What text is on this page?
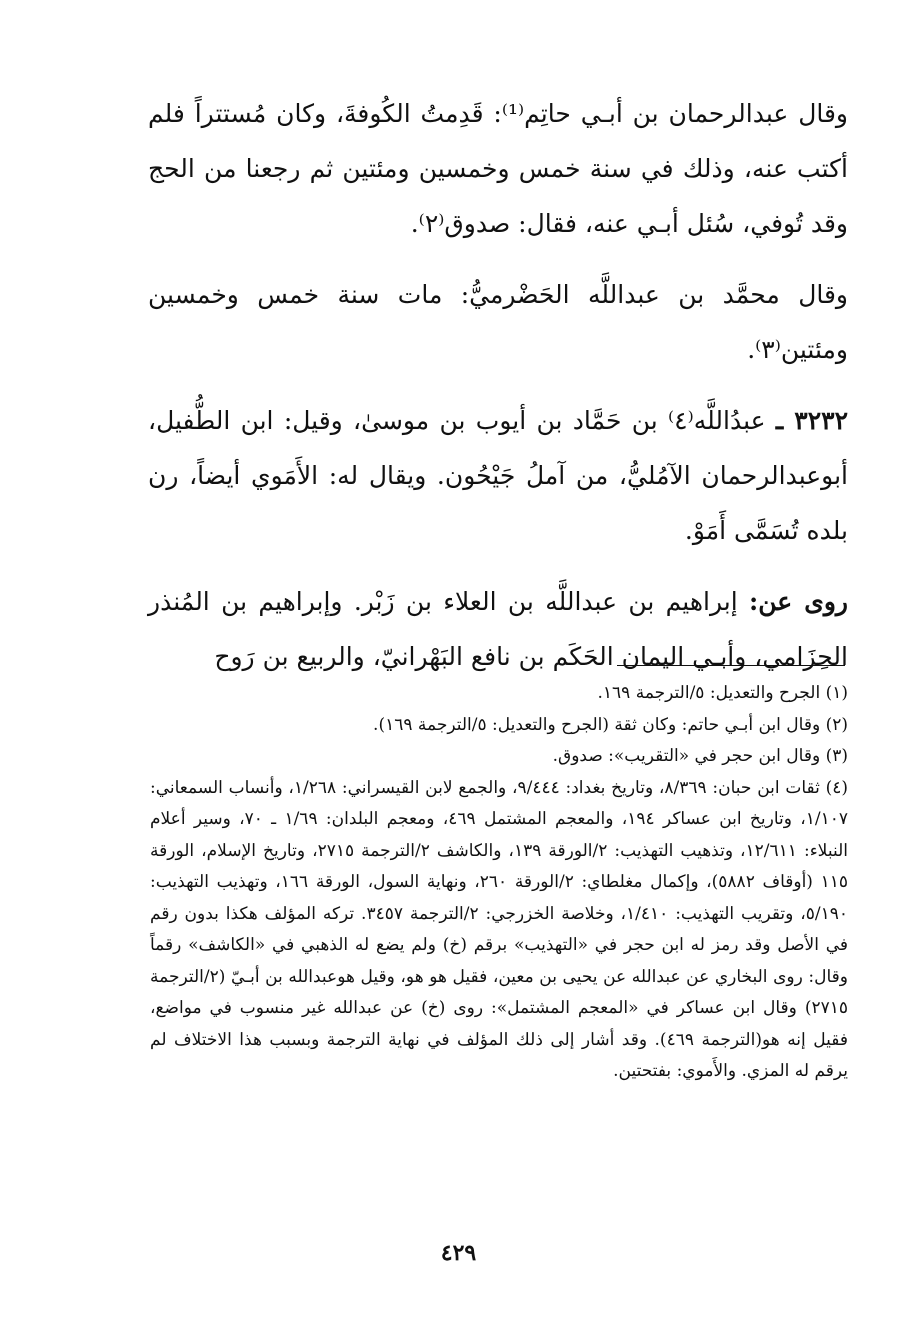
وقال عبدالرحمان بن أبـي حاتِم⁽¹⁾: قَدِمتُ الكُوفةَ، وكان مُستتراً فلم أكتب عنه، وذلك في سنة خمس وخمسين ومئتين ثم رجعنا من الحج وقد تُوفي، سُئل أبـي عنه، فقال: صدوق⁽٢⁾.

وقال محمَّد بن عبداللَّه الحَضْرميُّ: مات سنة خمس وخمسين ومئتين⁽٣⁾.

٣٢٣٢ ـ عبدُاللَّه⁽٤⁾ بن حَمَّاد بن أيوب بن موسىٰ، وقيل: ابن الطُّفيل، أبوعبدالرحمان الآمُليُّ، من آملُ جَيْحُون. ويقال له: الأَمَوي أيضاً، رن بلده تُسَمَّى أَمَوْ.

روى عن: إبراهيم بن عبداللَّه بن العلاء بن زَبْر. وإبراهيم بن المُنذر الحِزَامي، وأبـي اليمان الحَكَم بن نافع البَهْرانيّ، والربيع بن رَوح

(١) الجرح والتعديل: ٥/الترجمة ١٦٩.

(٢) وقال ابن أبـي حاتم: وكان ثقة (الجرح والتعديل: ٥/الترجمة ١٦٩).

(٣) وقال ابن حجر في «التقريب»: صدوق.

(٤) ثقات ابن حبان: ٨/٣٦٩، وتاريخ بغداد: ٩/٤٤٤، والجمع لابن القيسراني: ١/٢٦٨، وأنساب السمعاني: ١/١٠٧، وتاريخ ابن عساكر ١٩٤، والمعجم المشتمل ٤٦٩، ومعجم البلدان: ١/٦٩ ـ ٧٠، وسير أعلام النبلاء: ١٢/٦١١، وتذهيب التهذيب: ٢/الورقة ١٣٩، والكاشف ٢/الترجمة ٢٧١٥، وتاريخ الإسلام، الورقة ١١٥ (أوقاف ٥٨٨٢)، وإكمال مغلطاي: ٢/الورقة ٢٦٠، ونهاية السول، الورقة ١٦٦، وتهذيب التهذيب: ٥/١٩٠، وتقريب التهذيب: ١/٤١٠، وخلاصة الخزرجي: ٢/الترجمة ٣٤٥٧. تركه المؤلف هكذا بدون رقم في الأصل وقد رمز له ابن حجر في «التهذيب» برقم (خ) ولم يضع له الذهبي في «الكاشف» رقماً وقال: روى البخاري عن عبدالله عن يحيى بن معين، فقيل هو هو، وقيل هوعبدالله بن أبـيّ (٢/الترجمة ٢٧١٥) وقال ابن عساكر في «المعجم المشتمل»: روى (خ) عن عبدالله غير منسوب في مواضع، فقيل إنه هو(الترجمة ٤٦٩). وقد أشار إلى ذلك المؤلف في نهاية الترجمة وبسبب هذا الاختلاف لم يرقم له المزي. والأَموي: بفتحتين.

٤٢٩
